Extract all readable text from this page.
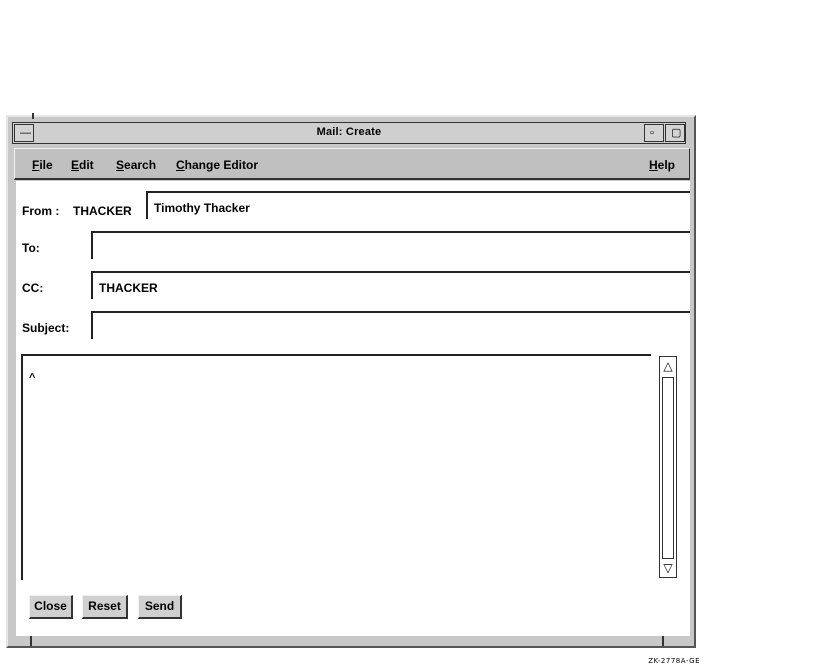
—	Mail: Create	▫ ▢
File Edit Search Change Editor	Help
From : THACKER Timothy Thacker
To:
CC:	THACKER
Subject:
^
△
▽
Close	Reset	Send
ZK-2778A-GE
